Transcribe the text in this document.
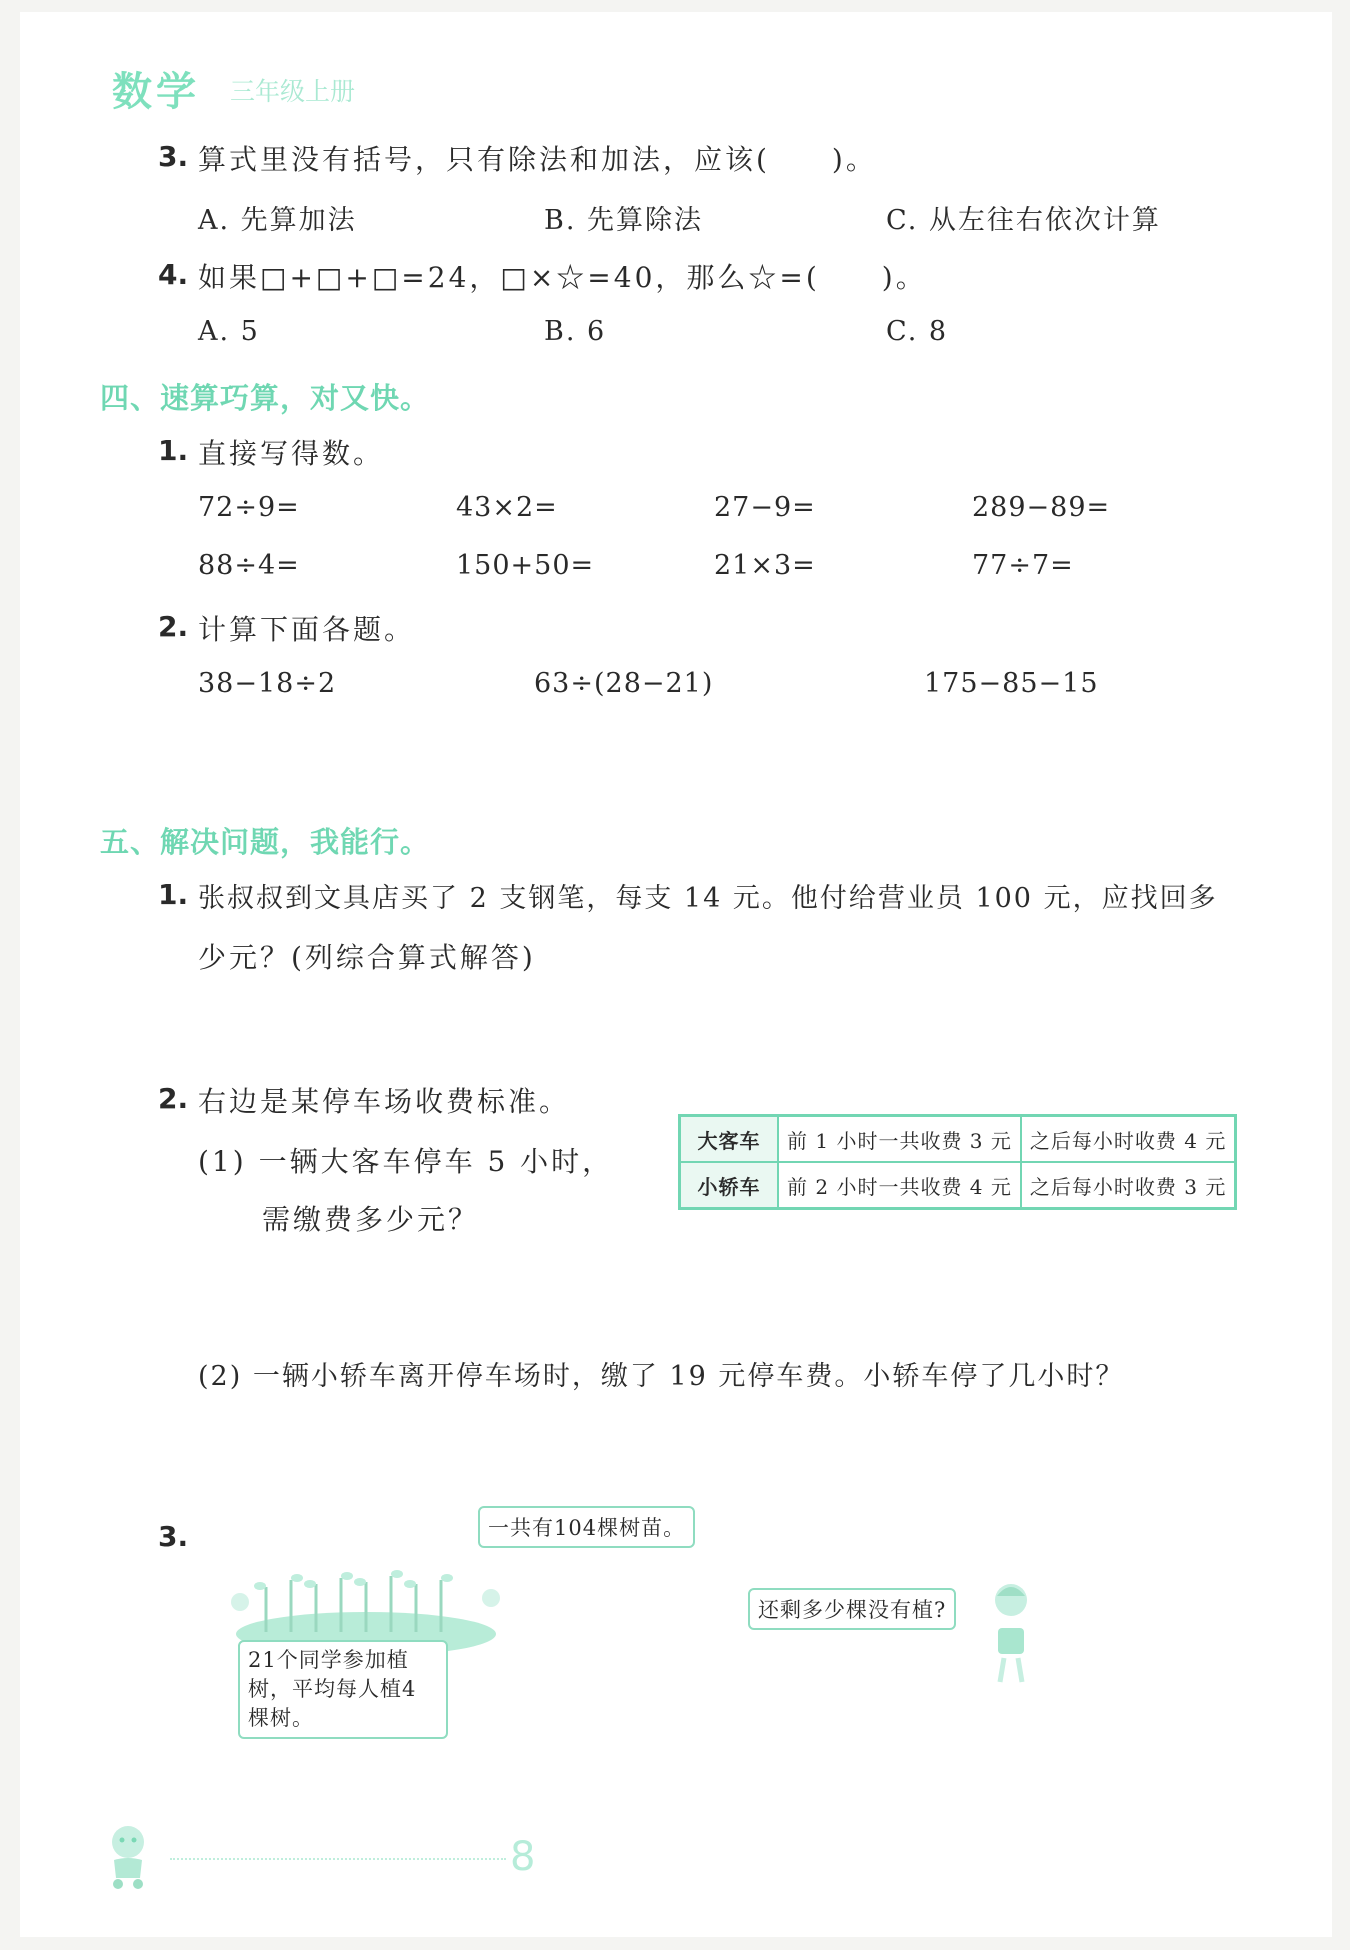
数学 三年级上册
3. 算式里没有括号，只有除法和加法，应该(　　)。
A. 先算加法	B. 先算除法	C. 从左往右依次计算
4. 如果□+□+□=24，□×☆=40，那么☆=(　　)。
A. 5	B. 6	C. 8
四、速算巧算，对又快。
1. 直接写得数。
72÷9=	43×2=	27−9=	289−89=
88÷4=	150+50=	21×3=	77÷7=
2. 计算下面各题。
38−18÷2	63÷(28−21)	175−85−15
五、解决问题，我能行。
1. 张叔叔到文具店买了 2 支钢笔，每支 14 元。他付给营业员 100 元，应找回多
少元？(列综合算式解答)
2. 右边是某停车场收费标准。
(1) 一辆大客车停车 5 小时，
需缴费多少元？
大客车	前 1 小时一共收费 3 元	之后每小时收费 4 元
小轿车	前 2 小时一共收费 4 元	之后每小时收费 3 元
(2) 一辆小轿车离开停车场时，缴了 19 元停车费。小轿车停了几小时？
3.	一共有104棵树苗。
21个同学参加植树，平均每人植4棵树。
还剩多少棵没有植?
8
